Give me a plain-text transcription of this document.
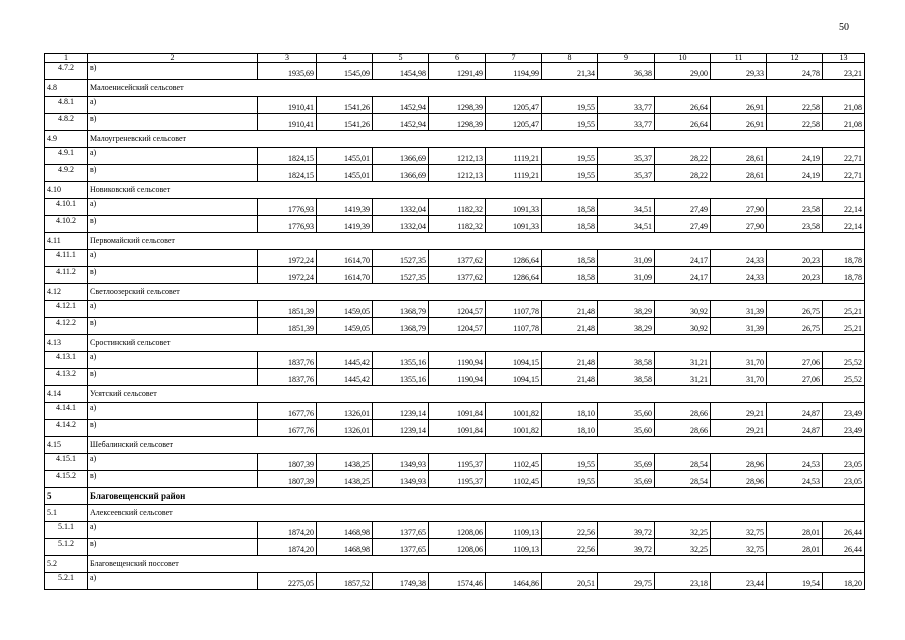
50
1	2	3	4	5	6	7	8	9	10	11	12	13
4.7.2	в)	1935,69	1545,09	1454,98	1291,49	1194,99	21,34	36,38	29,00	29,33	24,78	23,21
4.8	Малоенисейский сельсовет											
4.8.1	а)	1910,41	1541,26	1452,94	1298,39	1205,47	19,55	33,77	26,64	26,91	22,58	21,08
4.8.2	в)	1910,41	1541,26	1452,94	1298,39	1205,47	19,55	33,77	26,64	26,91	22,58	21,08
4.9	Малоугреневский сельсовет											
4.9.1	а)	1824,15	1455,01	1366,69	1212,13	1119,21	19,55	35,37	28,22	28,61	24,19	22,71
4.9.2	в)	1824,15	1455,01	1366,69	1212,13	1119,21	19,55	35,37	28,22	28,61	24,19	22,71
4.10	Новиковский сельсовет											
4.10.1	а)	1776,93	1419,39	1332,04	1182,32	1091,33	18,58	34,51	27,49	27,90	23,58	22,14
4.10.2	в)	1776,93	1419,39	1332,04	1182,32	1091,33	18,58	34,51	27,49	27,90	23,58	22,14
4.11	Первомайский сельсовет											
4.11.1	а)	1972,24	1614,70	1527,35	1377,62	1286,64	18,58	31,09	24,17	24,33	20,23	18,78
4.11.2	в)	1972,24	1614,70	1527,35	1377,62	1286,64	18,58	31,09	24,17	24,33	20,23	18,78
4.12	Светлоозерский сельсовет											
4.12.1	а)	1851,39	1459,05	1368,79	1204,57	1107,78	21,48	38,29	30,92	31,39	26,75	25,21
4.12.2	в)	1851,39	1459,05	1368,79	1204,57	1107,78	21,48	38,29	30,92	31,39	26,75	25,21
4.13	Сростинский сельсовет											
4.13.1	а)	1837,76	1445,42	1355,16	1190,94	1094,15	21,48	38,58	31,21	31,70	27,06	25,52
4.13.2	в)	1837,76	1445,42	1355,16	1190,94	1094,15	21,48	38,58	31,21	31,70	27,06	25,52
4.14	Усятский сельсовет											
4.14.1	а)	1677,76	1326,01	1239,14	1091,84	1001,82	18,10	35,60	28,66	29,21	24,87	23,49
4.14.2	в)	1677,76	1326,01	1239,14	1091,84	1001,82	18,10	35,60	28,66	29,21	24,87	23,49
4.15	Шебалинский сельсовет											
4.15.1	а)	1807,39	1438,25	1349,93	1195,37	1102,45	19,55	35,69	28,54	28,96	24,53	23,05
4.15.2	в)	1807,39	1438,25	1349,93	1195,37	1102,45	19,55	35,69	28,54	28,96	24,53	23,05
5	Благовещенский район											
5.1	Алексеевский сельсовет											
5.1.1	а)	1874,20	1468,98	1377,65	1208,06	1109,13	22,56	39,72	32,25	32,75	28,01	26,44
5.1.2	в)	1874,20	1468,98	1377,65	1208,06	1109,13	22,56	39,72	32,25	32,75	28,01	26,44
5.2	Благовещенский поссовет											
5.2.1	а)	2275,05	1857,52	1749,38	1574,46	1464,86	20,51	29,75	23,18	23,44	19,54	18,20
